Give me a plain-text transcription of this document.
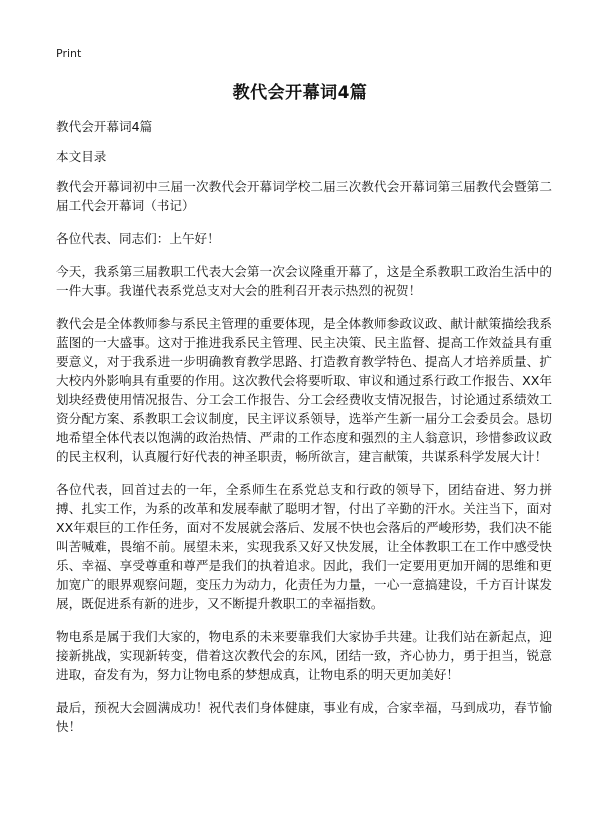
Print
教代会开幕词4篇

教代会开幕词4篇

本文目录

教代会开幕词初中三届一次教代会开幕词学校二届三次教代会开幕词第三届教代会暨第二届工代会开幕词（书记）

各位代表、同志们：上午好！

今天，我系第三届教职工代表大会第一次会议隆重开幕了，这是全系教职工政治生活中的一件大事。我谨代表系党总支对大会的胜利召开表示热烈的祝贺！

教代会是全体教师参与系民主管理的重要体现，是全体教师参政议政、献计献策描绘我系蓝图的一大盛事。这对于推进我系民主管理、民主决策、民主监督、提高工作效益具有重要意义，对于我系进一步明确教育教学思路、打造教育教学特色、提高人才培养质量、扩大校内外影响具有重要的作用。这次教代会将要听取、审议和通过系行政工作报告、XX年划块经费使用情况报告、分工会工作报告、分工会经费收支情况报告，讨论通过系绩效工资分配方案、系教职工会议制度，民主评议系领导，选举产生新一届分工会委员会。恳切地希望全体代表以饱满的政治热情、严肃的工作态度和强烈的主人翁意识，珍惜参政议政的民主权利，认真履行好代表的神圣职责，畅所欲言，建言献策，共谋系科学发展大计！

各位代表，回首过去的一年，全系师生在系党总支和行政的领导下，团结奋进、努力拼搏、扎实工作，为系的改革和发展奉献了聪明才智，付出了辛勤的汗水。关注当下，面对XX年艰巨的工作任务，面对不发展就会落后、发展不快也会落后的严峻形势，我们决不能叫苦喊难，畏缩不前。展望未来，实现我系又好又快发展，让全体教职工在工作中感受快乐、幸福、享受尊重和尊严是我们的执着追求。因此，我们一定要用更加开阔的思维和更加宽广的眼界观察问题，变压力为动力，化责任为力量，一心一意搞建设，千方百计谋发展，既促进系有新的进步，又不断提升教职工的幸福指数。

物电系是属于我们大家的，物电系的未来要靠我们大家协手共建。让我们站在新起点，迎接新挑战，实现新转变，借着这次教代会的东风，团结一致，齐心协力，勇于担当，锐意进取，奋发有为，努力让物电系的梦想成真，让物电系的明天更加美好！

最后，预祝大会圆满成功！祝代表们身体健康，事业有成，合家幸福，马到成功，春节愉快！
